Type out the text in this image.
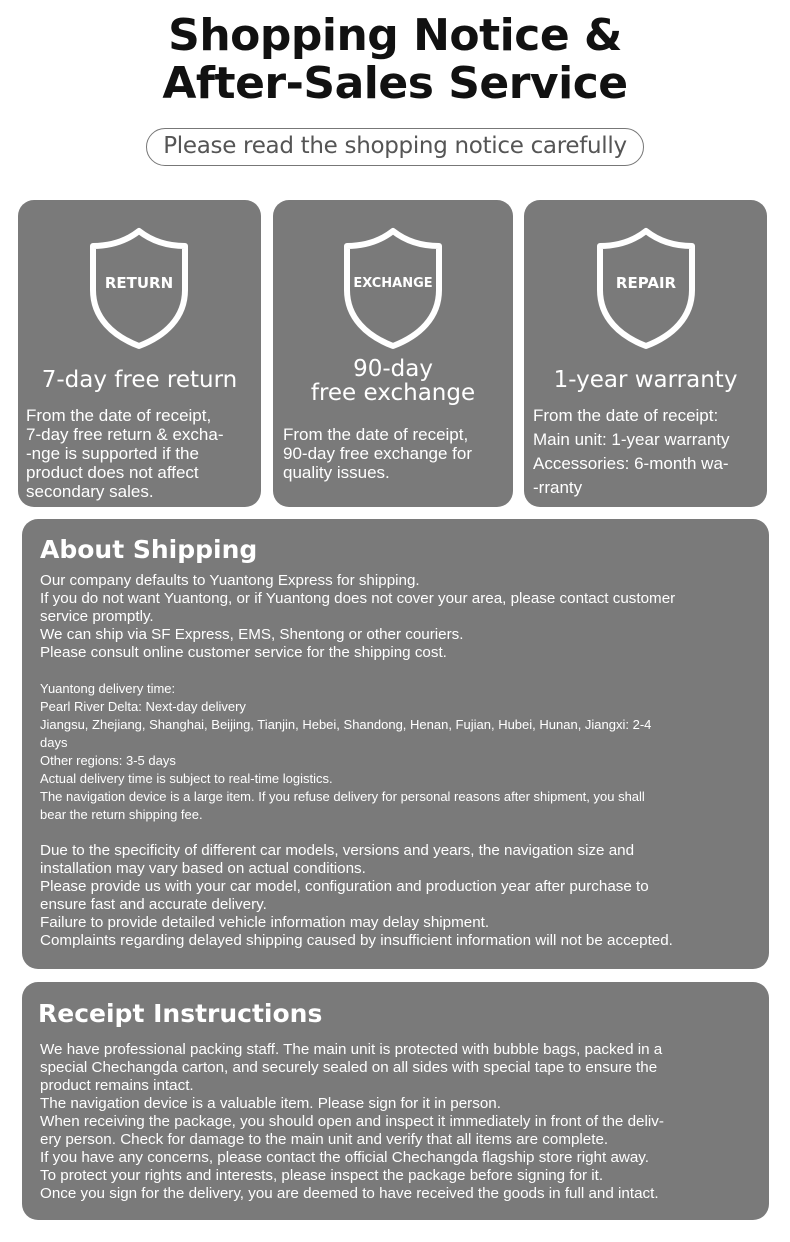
Shopping Notice &
After-Sales Service
Please read the shopping notice carefully
RETURN
7-day free return
From the date of receipt,
7-day free return & excha-
-nge is supported if the
product does not affect
secondary sales.
EXCHANGE
90-day
free exchange
From the date of receipt,
90-day free exchange for
quality issues.
REPAIR
1-year warranty
From the date of receipt:
Main unit: 1-year warranty
Accessories: 6-month wa-
-rranty
About Shipping
Our company defaults to Yuantong Express for shipping.
If you do not want Yuantong, or if Yuantong does not cover your area, please contact customer
service promptly.
We can ship via SF Express, EMS, Shentong or other couriers.
Please consult online customer service for the shipping cost.
Yuantong delivery time:
Pearl River Delta: Next-day delivery
Jiangsu, Zhejiang, Shanghai, Beijing, Tianjin, Hebei, Shandong, Henan, Fujian, Hubei, Hunan, Jiangxi: 2-4
days
Other regions: 3-5 days
Actual delivery time is subject to real-time logistics.
The navigation device is a large item. If you refuse delivery for personal reasons after shipment, you shall
bear the return shipping fee.
Due to the specificity of different car models, versions and years, the navigation size and
installation may vary based on actual conditions.
Please provide us with your car model, configuration and production year after purchase to
ensure fast and accurate delivery.
Failure to provide detailed vehicle information may delay shipment.
Complaints regarding delayed shipping caused by insufficient information will not be accepted.
Receipt Instructions
We have professional packing staff. The main unit is protected with bubble bags, packed in a
special Chechangda carton, and securely sealed on all sides with special tape to ensure the
product remains intact.
The navigation device is a valuable item. Please sign for it in person.
When receiving the package, you should open and inspect it immediately in front of the deliv-
ery person. Check for damage to the main unit and verify that all items are complete.
If you have any concerns, please contact the official Chechangda flagship store right away.
To protect your rights and interests, please inspect the package before signing for it.
Once you sign for the delivery, you are deemed to have received the goods in full and intact.
